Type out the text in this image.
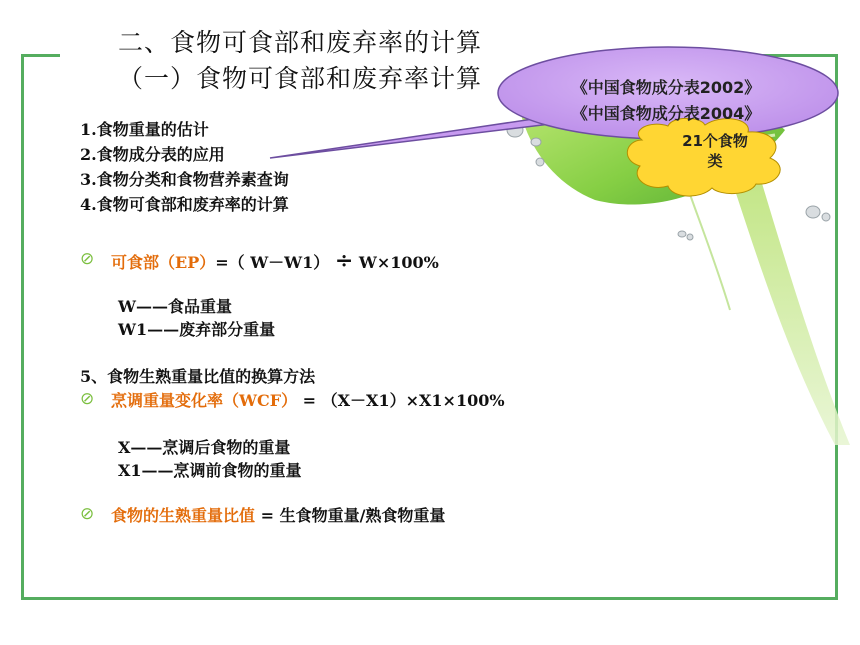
二、食物可食部和废弃率的计算
（一）食物可食部和废弃率计算	《中国食物成分表2002》
《中国食物成分表2004》
21个食物
类
1.食物重量的估计
2.食物成分表的应用
3.食物分类和食物营养素查询
4.食物可食部和废弃率的计算
⊘ 可食部（EP）=（ W－W1） ÷ W×100%
W——食品重量
W1——废弃部分重量
5、食物生熟重量比值的换算方法
⊘ 烹调重量变化率（WCF） = （X－X1）×X1×100%
X——烹调后食物的重量
X1——烹调前食物的重量
⊘ 食物的生熟重量比值 = 生食物重量/熟食物重量
